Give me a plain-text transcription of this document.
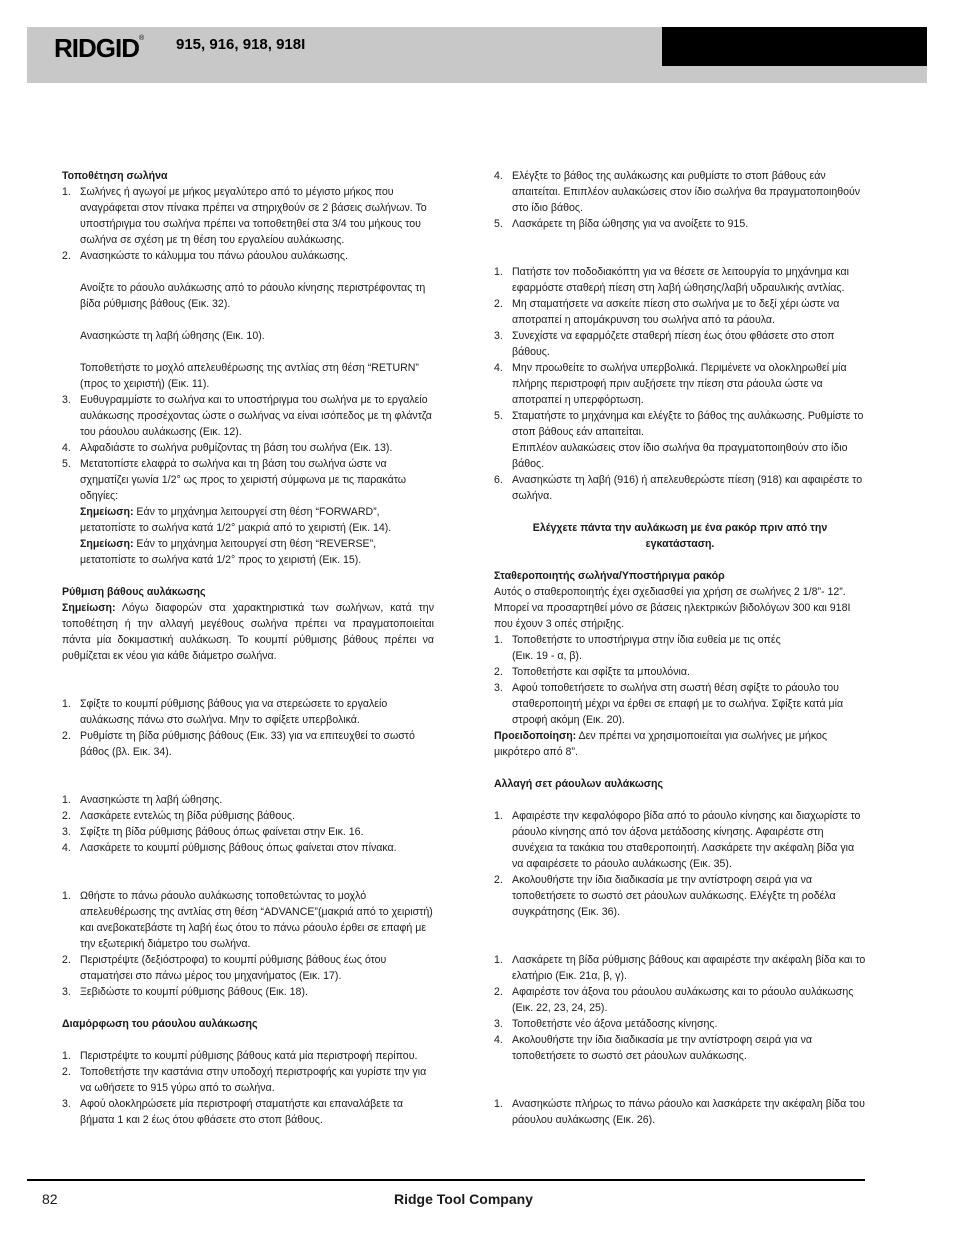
RIDGID® 915, 916, 918, 918I

Τοποθέτηση σωλήνα

1. Σωλήνες ή αγωγοί με μήκος μεγαλύτερο από το μέγιστο μήκος που αναγράφεται στον πίνακα πρέπει να στηριχθούν σε 2 βάσεις σωλήνων. Το υποστήριγμα του σωλήνα πρέπει να τοποθετηθεί στα 3/4 του μήκους του σωλήνα σε σχέση με τη θέση του εργαλείου αυλάκωσης.
2. Ανασηκώστε το κάλυμμα του πάνω ράουλου αυλάκωσης.

Ανοίξτε το ράουλο αυλάκωσης από το ράουλο κίνησης περιστρέφοντας τη βίδα ρύθμισης βάθους (Εικ. 32).

Ανασηκώστε τη λαβή ώθησης (Εικ. 10).

Τοποθετήστε το μοχλό απελευθέρωσης της αντλίας στη θέση “RETURN” (προς το χειριστή) (Εικ. 11).

3. Ευθυγραμμίστε το σωλήνα και το υποστήριγμα του σωλήνα με το εργαλείο αυλάκωσης προσέχοντας ώστε ο σωλήνας να είναι ισόπεδος με τη φλάντζα του ράουλου αυλάκωσης (Εικ. 12).
4. Αλφαδιάστε το σωλήνα ρυθμίζοντας τη βάση του σωλήνα (Εικ. 13).
5. Μετατοπίστε ελαφρά το σωλήνα και τη βάση του σωλήνα ώστε να σχηματίζει γωνία 1/2° ως προς το χειριστή σύμφωνα με τις παρακάτω οδηγίες:
Σημείωση: Εάν το μηχάνημα λειτουργεί στη θέση “FORWARD”, μετατοπίστε το σωλήνα κατά 1/2° μακριά από το χειριστή (Εικ. 14).
Σημείωση: Εάν το μηχάνημα λειτουργεί στη θέση “REVERSE”, μετατοπίστε το σωλήνα κατά 1/2° προς το χειριστή (Εικ. 15).

Ρύθμιση βάθους αυλάκωσης

Σημείωση: Λόγω διαφορών στα χαρακτηριστικά των σωλήνων, κατά την τοποθέτηση ή την αλλαγή μεγέθους σωλήνα πρέπει να πραγματοποιείται πάντα μία δοκιμαστική αυλάκωση. Το κουμπί ρύθμισης βάθους πρέπει να ρυθμίζεται εκ νέου για κάθε διάμετρο σωλήνα.

1. Σφίξτε το κουμπί ρύθμισης βάθους για να στερεώσετε το εργαλείο αυλάκωσης πάνω στο σωλήνα. Μην το σφίξετε υπερβολικά.
2. Ρυθμίστε τη βίδα ρύθμισης βάθους (Εικ. 33) για να επιτευχθεί το σωστό βάθος (βλ. Εικ. 34).
1. Ανασηκώστε τη λαβή ώθησης.
2. Λασκάρετε εντελώς τη βίδα ρύθμισης βάθους.
3. Σφίξτε τη βίδα ρύθμισης βάθους όπως φαίνεται στην Εικ. 16.
4. Λασκάρετε το κουμπί ρύθμισης βάθους όπως φαίνεται στον πίνακα.
1. Ωθήστε το πάνω ράουλο αυλάκωσης τοποθετώντας το μοχλό απελευθέρωσης της αντλίας στη θέση “ADVANCE”(μακριά από το χειριστή) και ανεβοκατεβάστε τη λαβή έως ότου το πάνω ράουλο έρθει σε επαφή με την εξωτερική διάμετρο του σωλήνα.
2. Περιστρέψτε (δεξιόστροφα) το κουμπί ρύθμισης βάθους έως ότου σταματήσει στο πάνω μέρος του μηχανήματος (Εικ. 17).
3. Ξεβιδώστε το κουμπί ρύθμισης βάθους (Εικ. 18).

Διαμόρφωση του ράουλου αυλάκωσης

1. Περιστρέψτε το κουμπί ρύθμισης βάθους κατά μία περιστροφή περίπου.
2. Τοποθετήστε την καστάνια στην υποδοχή περιστροφής και γυρίστε την για να ωθήσετε το 915 γύρω από το σωλήνα.
3. Αφού ολοκληρώσετε μία περιστροφή σταματήστε και επαναλάβετε τα βήματα 1 και 2 έως ότου φθάσετε στο στοπ βάθους.
4. Ελέγξτε το βάθος της αυλάκωσης και ρυθμίστε το στοπ βάθους εάν απαιτείται. Επιπλέον αυλακώσεις στον ίδιο σωλήνα θα πραγματοποιηθούν στο ίδιο βάθος.
5. Λασκάρετε τη βίδα ώθησης για να ανοίξετε το 915.
1. Πατήστε τον ποδοδιακόπτη για να θέσετε σε λειτουργία το μηχάνημα και εφαρμόστε σταθερή πίεση στη λαβή ώθησης/λαβή υδραυλικής αντλίας.
2. Μη σταματήσετε να ασκείτε πίεση στο σωλήνα με το δεξί χέρι ώστε να αποτραπεί η απομάκρυνση του σωλήνα από τα ράουλα.
3. Συνεχίστε να εφαρμόζετε σταθερή πίεση έως ότου φθάσετε στο στοπ βάθους.
4. Μην προωθείτε το σωλήνα υπερβολικά. Περιμένετε να ολοκληρωθεί μία πλήρης περιστροφή πριν αυξήσετε την πίεση στα ράουλα ώστε να αποτραπεί η υπερφόρτωση.
5. Σταματήστε το μηχάνημα και ελέγξτε το βάθος της αυλάκωσης. Ρυθμίστε το στοπ βάθους εάν απαιτείται.
Επιπλέον αυλακώσεις στον ίδιο σωλήνα θα πραγματοποιηθούν στο ίδιο βάθος.
6. Ανασηκώστε τη λαβή (916) ή απελευθερώστε πίεση (918) και αφαιρέστε το σωλήνα.

Ελέγχετε πάντα την αυλάκωση με ένα ρακόρ πριν από την εγκατάσταση.

Σταθεροποιητής σωλήνα/Υποστήριγμα ρακόρ

Αυτός ο σταθεροποιητής έχει σχεδιασθεί για χρήση σε σωλήνες 2 1/8”- 12”. Μπορεί να προσαρτηθεί μόνο σε βάσεις ηλεκτρικών βιδολόγων 300 και 918I που έχουν 3 οπές στήριξης.

1. Τοποθετήστε το υποστήριγμα στην ίδια ευθεία με τις οπές
(Εικ. 19 - α, β).
2. Τοποθετήστε και σφίξτε τα μπουλόνια.
3. Αφού τοποθετήσετε το σωλήνα στη σωστή θέση σφίξτε το ράουλο του σταθεροποιητή μέχρι να έρθει σε επαφή με το σωλήνα. Σφίξτε κατά μία στροφή ακόμη (Εικ. 20).

Προειδοποίηση: Δεν πρέπει να χρησιμοποιείται για σωλήνες με μήκος μικρότερο από 8”.

Αλλαγή σετ ράουλων αυλάκωσης

1. Αφαιρέστε την κεφαλόφορο βίδα από το ράουλο κίνησης και διαχωρίστε το ράουλο κίνησης από τον άξονα μετάδοσης κίνησης. Αφαιρέστε στη συνέχεια τα τακάκια του σταθεροποιητή. Λασκάρετε την ακέφαλη βίδα για να αφαιρέσετε το ράουλο αυλάκωσης (Εικ. 35).
2. Ακολουθήστε την ίδια διαδικασία με την αντίστροφη σειρά για να τοποθετήσετε το σωστό σετ ράουλων αυλάκωσης. Ελέγξτε τη ροδέλα συγκράτησης (Εικ. 36).
1. Λασκάρετε τη βίδα ρύθμισης βάθους και αφαιρέστε την ακέφαλη βίδα και το ελατήριο (Εικ. 21α, β, γ).
2. Αφαιρέστε τον άξονα του ράουλου αυλάκωσης και το ράουλο αυλάκωσης (Εικ. 22, 23, 24, 25).
3. Τοποθετήστε νέο άξονα μετάδοσης κίνησης.
4. Ακολουθήστε την ίδια διαδικασία με την αντίστροφη σειρά για να τοποθετήσετε το σωστό σετ ράουλων αυλάκωσης.
1. Ανασηκώστε πλήρως το πάνω ράουλο και λασκάρετε την ακέφαλη βίδα του ράουλου αυλάκωσης (Εικ. 26).
82	Ridge Tool Company
